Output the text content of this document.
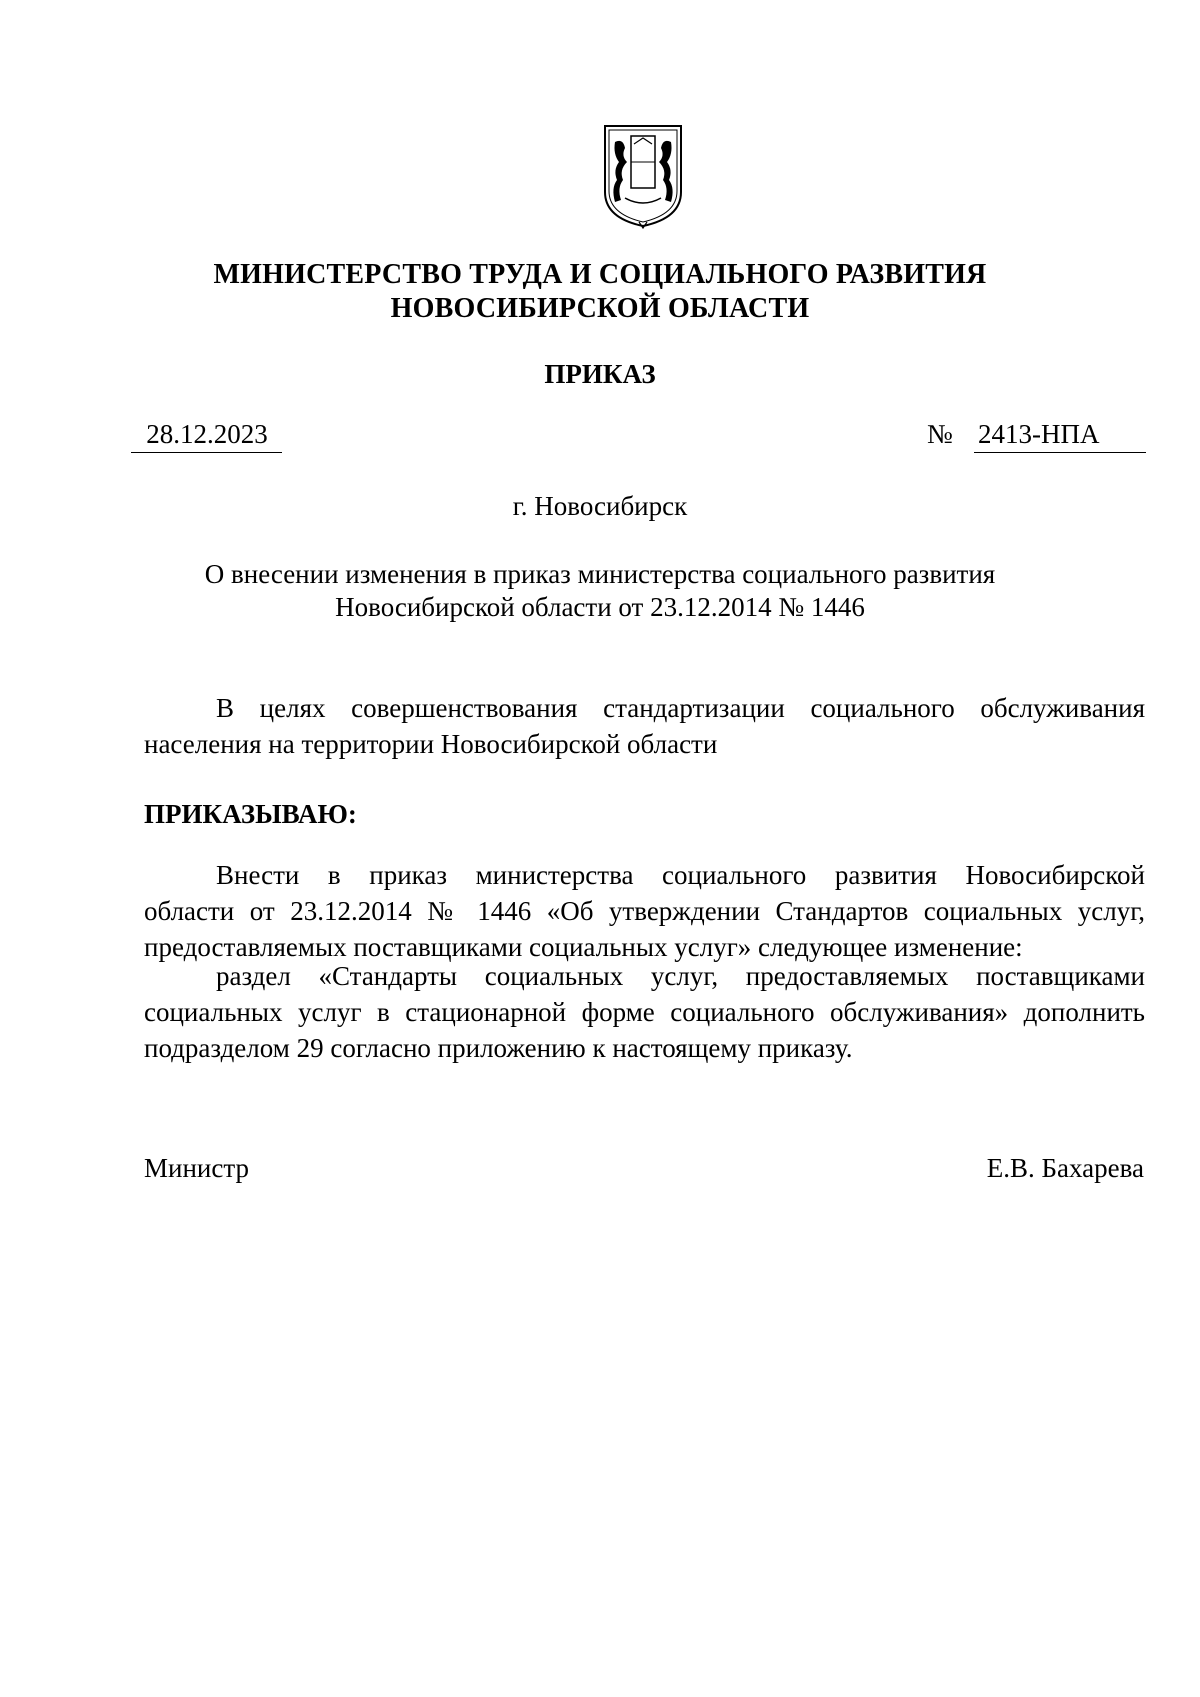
МИНИСТЕРСТВО ТРУДА И СОЦИАЛЬНОГО РАЗВИТИЯ
НОВОСИБИРСКОЙ ОБЛАСТИ
ПРИКАЗ
28.12.2023	№ 2413-НПА
г. Новосибирск
О внесении изменения в приказ министерства социального развития
Новосибирской области от 23.12.2014 № 1446
В целях совершенствования стандартизации социального обслуживания
населения на территории Новосибирской области
ПРИКАЗЫВАЮ:
Внести в приказ министерства социального развития Новосибирской
области от 23.12.2014 № 1446 «Об утверждении Стандартов социальных услуг,
предоставляемых поставщиками социальных услуг» следующее изменение:
раздел «Стандарты социальных услуг, предоставляемых поставщиками
социальных услуг в стационарной форме социального обслуживания» дополнить
подразделом 29 согласно приложению к настоящему приказу.
Министр	Е.В. Бахарева
